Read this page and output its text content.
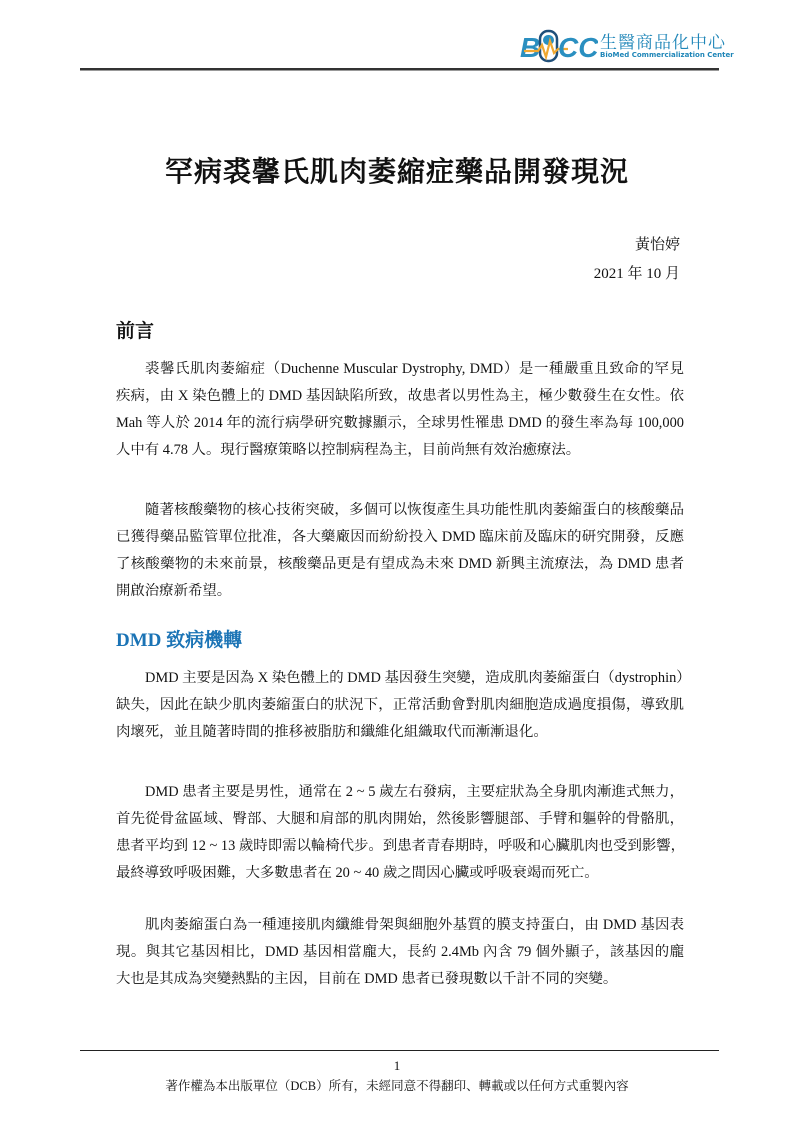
B CC 生醫商品化中心
BioMed Commercialization Center
罕病裘馨氏肌肉萎縮症藥品開發現況
黃怡婷
2021 年 10 月
前言
裘馨氏肌肉萎縮症（Duchenne Muscular Dystrophy, DMD）是一種嚴重且致命的罕見
疾病，由 X 染色體上的 DMD 基因缺陷所致，故患者以男性為主，極少數發生在女性。依
Mah 等人於 2014 年的流行病學研究數據顯示，全球男性罹患 DMD 的發生率為每 100,000
人中有 4.78 人。現行醫療策略以控制病程為主，目前尚無有效治癒療法。
隨著核酸藥物的核心技術突破，多個可以恢復產生具功能性肌肉萎縮蛋白的核酸藥品
已獲得藥品監管單位批准，各大藥廠因而紛紛投入 DMD 臨床前及臨床的研究開發，反應
了核酸藥物的未來前景，核酸藥品更是有望成為未來 DMD 新興主流療法，為 DMD 患者
開啟治療新希望。
DMD 致病機轉
DMD 主要是因為 X 染色體上的 DMD 基因發生突變，造成肌肉萎縮蛋白（dystrophin）
缺失，因此在缺少肌肉萎縮蛋白的狀況下，正常活動會對肌肉細胞造成過度損傷，導致肌
肉壞死，並且隨著時間的推移被脂肪和纖維化組織取代而漸漸退化。
DMD 患者主要是男性，通常在 2 ~ 5 歲左右發病，主要症狀為全身肌肉漸進式無力，
首先從骨盆區域、臀部、大腿和肩部的肌肉開始，然後影響腿部、手臂和軀幹的骨骼肌，
患者平均到 12 ~ 13 歲時即需以輪椅代步。到患者青春期時，呼吸和心臟肌肉也受到影響，
最終導致呼吸困難，大多數患者在 20 ~ 40 歲之間因心臟或呼吸衰竭而死亡。
肌肉萎縮蛋白為一種連接肌肉纖維骨架與細胞外基質的膜支持蛋白，由 DMD 基因表
現。與其它基因相比，DMD 基因相當龐大，長約 2.4Mb 內含 79 個外顯子，該基因的龐
大也是其成為突變熱點的主因，目前在 DMD 患者已發現數以千計不同的突變。
1
著作權為本出版單位（DCB）所有，未經同意不得翻印、轉載或以任何方式重製內容
